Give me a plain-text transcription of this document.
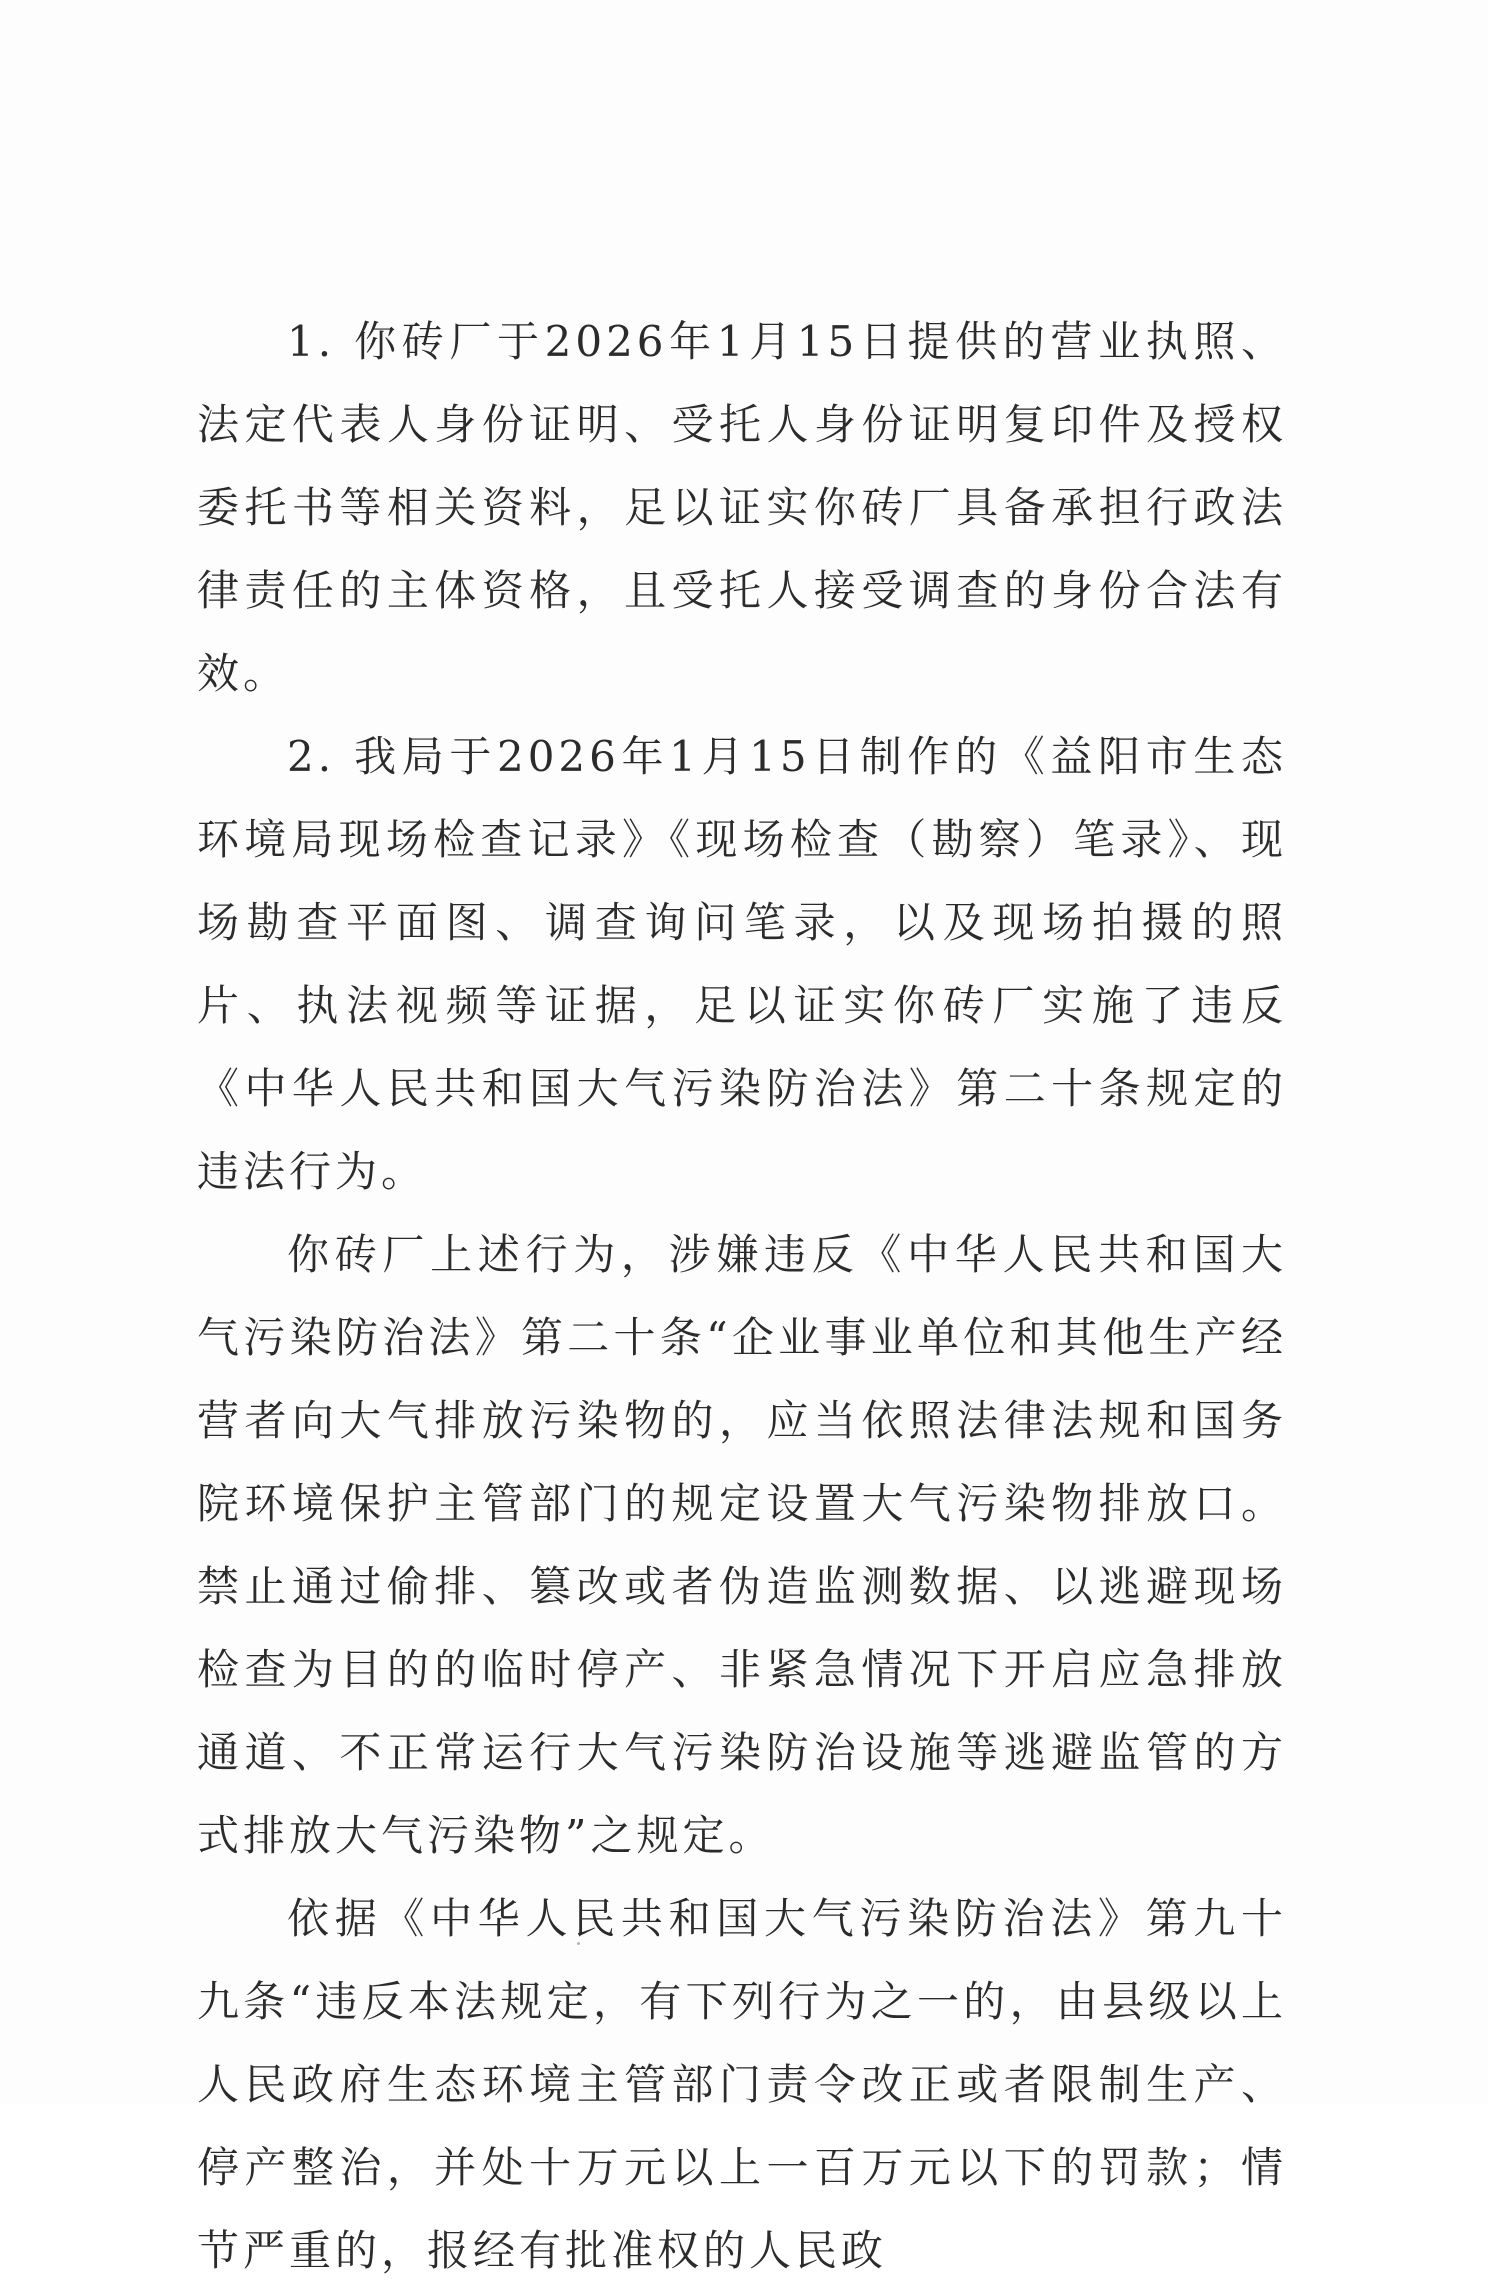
1. 你砖厂于2026年1月15日提供的营业执照、法定代表人身份证明、受托人身份证明复印件及授权委托书等相关资料，足以证实你砖厂具备承担行政法律责任的主体资格，且受托人接受调查的身份合法有效。

2. 我局于2026年1月15日制作的《益阳市生态环境局现场检查记录》《现场检查（勘察）笔录》、现场勘查平面图、调查询问笔录，以及现场拍摄的照片、执法视频等证据，足以证实你砖厂实施了违反《中华人民共和国大气污染防治法》第二十条规定的违法行为。

你砖厂上述行为，涉嫌违反《中华人民共和国大气污染防治法》第二十条“企业事业单位和其他生产经营者向大气排放污染物的，应当依照法律法规和国务院环境保护主管部门的规定设置大气污染物排放口。禁止通过偷排、篡改或者伪造监测数据、以逃避现场检查为目的的临时停产、非紧急情况下开启应急排放通道、不正常运行大气污染防治设施等逃避监管的方式排放大气污染物”之规定。

依据《中华人民共和国大气污染防治法》第九十九条“违反本法规定，有下列行为之一的，由县级以上人民政府生态环境主管部门责令改正或者限制生产、停产整治，并处十万元以上一百万元以下的罚款；情节严重的，报经有批准权的人民政
